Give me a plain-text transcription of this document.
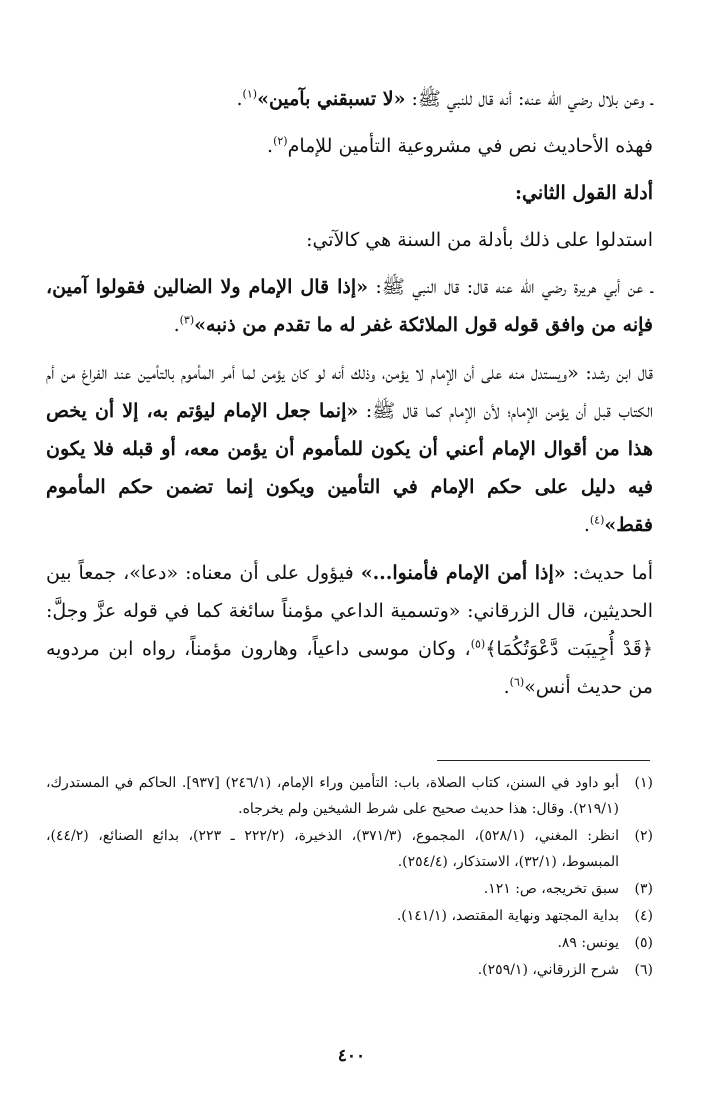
ـ وعن بلال رضي الله عنه: أنه قال للنبي ﷺ: «لا تسبقني بآمين»$^{(١)}$.

فهذه الأحاديث نص في مشروعية التأمين للإمام$^{(٢)}$.

أدلة القول الثاني:

استدلوا على ذلك بأدلة من السنة هي كالآتي:

ـ عن أبي هريرة رضي الله عنه قال: قال النبي ﷺ: «إذا قال الإمام ولا الضالين فقولوا آمين، فإنه من وافق قوله قول الملائكة غفر له ما تقدم من ذنبه»$^{(٣)}$.

قال ابن رشد: «ويستدل منه على أن الإمام لا يؤمن، وذلك أنه لو كان يؤمن لما أمر المأموم بالتأمين عند الفراغ من أم الكتاب قبل أن يؤمن الإمام؛ لأن الإمام كما قال ﷺ: «إنما جعل الإمام ليؤتم به، إلا أن يخص هذا من أقوال الإمام أعني أن يكون للمأموم أن يؤمن معه، أو قبله فلا يكون فيه دليل على حكم الإمام في التأمين ويكون إنما تضمن حكم المأموم فقط»$^{(٤)}$.

أما حديث: «إذا أمن الإمام فأمنوا...» فيؤول على أن معناه: «دعا»، جمعاً بين الحديثين، قال الزرقاني: «وتسمية الداعي مؤمناً سائغة كما في قوله عزَّ وجلَّ: ﴿قَدْ أُجِيبَت دَّعْوَتُكُمَا﴾$^{(٥)}$، وكان موسى داعياً، وهارون مؤمناً، رواه ابن مردويه من حديث أنس»$^{(٦)}$.

(١)
أبو داود في السنن، كتاب الصلاة، باب: التأمين وراء الإمام، (٢٤٦/١) [٩٣٧]. الحاكم في المستدرك، (٢١٩/١). وقال: هذا حديث صحيح على شرط الشيخين ولم يخرجاه.
(٢)
انظر: المغني، (٥٢٨/١)، المجموع، (٣٧١/٣)، الذخيرة، (٢٢٢/٢ ـ ٢٢٣)، بدائع الصنائع، (٤٤/٢)، المبسوط، (٣٢/١)، الاستذكار، (٢٥٤/٤).
(٣)
سبق تخريجه، ص: ١٢١.
(٤)
بداية المجتهد ونهاية المقتصد، (١٤١/١).
(٥)
يونس: ٨٩.
(٦)
شرح الزرقاني، (٢٥٩/١).
٤٠٠
